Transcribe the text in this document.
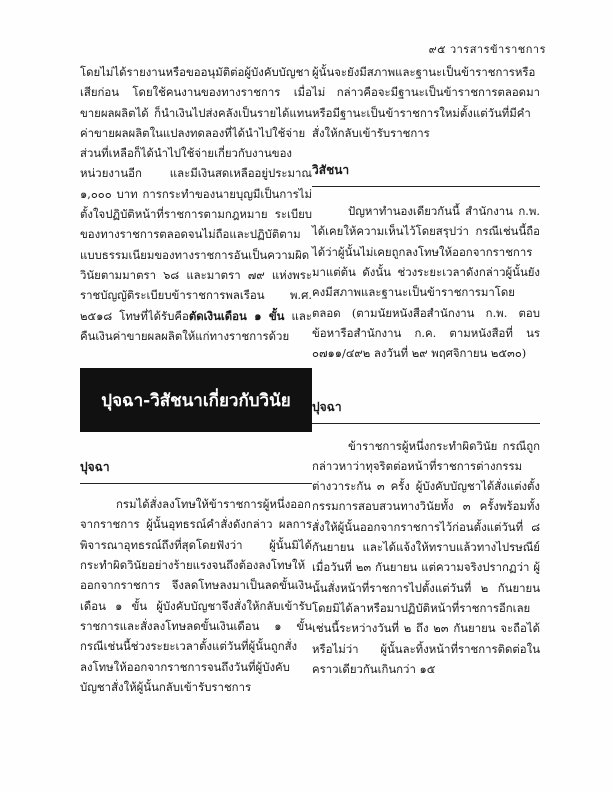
๙๕ วารสารข้าราชการ

โดยไม่ได้รายงานหรือขออนุมัติต่อผู้บังคับบัญชาเสียก่อน โดยใช้คนงานของทางราชการ เมื่อขายผลผลิตได้ ก็นำเงินไปส่งคลังเป็นรายได้แทนค่าขายผลผลิตในแปลงทดลองที่ได้นำไปใช้จ่ายส่วนที่เหลือก็ได้นำไปใช้จ่ายเกี่ยวกับงานของหน่วยงานอีก และมีเงินสดเหลืออยู่ประมาณ ๑,๐๐๐ บาท การกระทำของนายบุญมีเป็นการไม่ตั้งใจปฏิบัติหน้าที่ราชการตามกฎหมาย ระเบียบของทางราชการตลอดจนไม่ถือและปฏิบัติตามแบบธรรมเนียมของทางราชการอันเป็นความผิดวินัยตามมาตรา ๖๘ และมาตรา ๗๙ แห่งพระราชบัญญัติระเบียบข้าราชการพลเรือน พ.ศ. ๒๕๑๘ โทษที่ได้รับคือตัดเงินเดือน ๑ ขั้น และคืนเงินค่าขายผลผลิตให้แก่ทางราชการด้วย

ปุจฉา-วิสัชนาเกี่ยวกับวินัย

ปุจฉา

กรมได้สั่งลงโทษให้ข้าราชการผู้หนึ่งออกจากราชการ ผู้นั้นอุทธรณ์คำสั่งดังกล่าว ผลการพิจารณาอุทธรณ์ถึงที่สุดโดยฟังว่า ผู้นั้นมิได้กระทำผิดวินัยอย่างร้ายแรงจนถึงต้องลงโทษให้ออกจากราชการ จึงลดโทษลงมาเป็นลดขั้นเงินเดือน ๑ ขั้น ผู้บังคับบัญชาจึงสั่งให้กลับเข้ารับราชการและสั่งลงโทษลดขั้นเงินเดือน ๑ ขั้น กรณีเช่นนี้ช่วงระยะเวลาตั้งแต่วันที่ผู้นั้นถูกสั่งลงโทษให้ออกจากราชการจนถึงวันที่ผู้บังคับบัญชาสั่งให้ผู้นั้นกลับเข้ารับราชการ

ผู้นั้นจะยังมีสภาพและฐานะเป็นข้าราชการหรือไม่ กล่าวคือจะมีฐานะเป็นข้าราชการตลอดมาหรือมีฐานะเป็นข้าราชการใหม่ตั้งแต่วันที่มีคำสั่งให้กลับเข้ารับราชการ

วิสัชนา

ปัญหาทำนองเดียวกันนี้ สำนักงาน ก.พ. ได้เคยให้ความเห็นไว้โดยสรุปว่า กรณีเช่นนี้ถือได้ว่าผู้นั้นไม่เคยถูกลงโทษให้ออกจากราชการมาแต่ต้น ดังนั้น ช่วงระยะเวลาดังกล่าวผู้นั้นยังคงมีสภาพและฐานะเป็นข้าราชการมาโดยตลอด (ตามนัยหนังสือสำนักงาน ก.พ. ตอบข้อหารือสำนักงาน ก.ค. ตามหนังสือที่ นร ๐๗๑๑/๔๙๒ ลงวันที่ ๒๙ พฤศจิกายน ๒๕๓๐)

ปุจฉา

ข้าราชการผู้หนึ่งกระทำผิดวินัย กรณีถูกกล่าวหาว่าทุจริตต่อหน้าที่ราชการต่างกรรมต่างวาระกัน ๓ ครั้ง ผู้บังคับบัญชาได้สั่งแต่งตั้งกรรมการสอบสวนทางวินัยทั้ง ๓ ครั้งพร้อมทั้งสั่งให้ผู้นั้นออกจากราชการไว้ก่อนตั้งแต่วันที่ ๘ กันยายน และได้แจ้งให้ทราบแล้วทางไปรษณีย์เมื่อวันที่ ๒๓ กันยายน แต่ความจริงปรากฏว่า ผู้นั้นสั่งหน้าที่ราชการไปตั้งแต่วันที่ ๒ กันยายน โดยมิได้ลาหรือมาปฏิบัติหน้าที่ราชการอีกเลย เช่นนี้ระหว่างวันที่ ๒ ถึง ๒๓ กันยายน จะถือได้หรือไม่ว่า ผู้นั้นละทิ้งหน้าที่ราชการติดต่อในคราวเดียวกันเกินกว่า ๑๕
